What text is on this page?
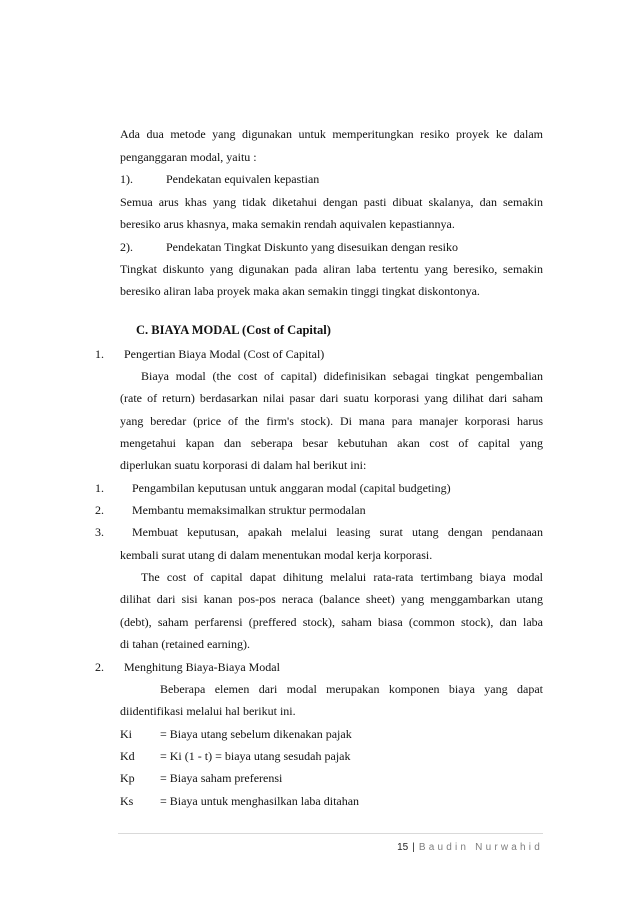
Ada dua metode yang digunakan untuk memperitungkan resiko proyek ke dalam
penganggaran modal, yaitu :
1).	Pendekatan equivalen kepastian
Semua arus khas yang tidak diketahui dengan pasti dibuat skalanya, dan semakin
beresiko arus khasnya, maka semakin rendah aquivalen kepastiannya.
2).	Pendekatan Tingkat Diskunto yang disesuikan dengan resiko
Tingkat diskunto yang digunakan pada aliran laba tertentu yang beresiko, semakin
beresiko aliran laba proyek maka akan semakin tinggi tingkat diskontonya.
C. BIAYA MODAL (Cost of Capital)
1. Pengertian Biaya Modal (Cost of Capital)
Biaya modal (the cost of capital) didefinisikan sebagai tingkat pengembalian
(rate of return) berdasarkan nilai pasar dari suatu korporasi yang dilihat dari saham
yang beredar (price of the firm's stock). Di mana para manajer korporasi harus
mengetahui kapan dan seberapa besar kebutuhan akan cost of capital yang
diperlukan suatu korporasi di dalam hal berikut ini:
1. Pengambilan keputusan untuk anggaran modal (capital budgeting)
2. Membantu memaksimalkan struktur permodalan
3. Membuat keputusan, apakah melalui leasing surat utang dengan pendanaan
kembali surat utang di dalam menentukan modal kerja korporasi.
The cost of capital dapat dihitung melalui rata-rata tertimbang biaya modal
dilihat dari sisi kanan pos-pos neraca (balance sheet) yang menggambarkan utang
(debt), saham perfarensi (preffered stock), saham biasa (common stock), dan laba
di tahan (retained earning).
2. Menghitung Biaya-Biaya Modal
Beberapa elemen dari modal merupakan komponen biaya yang dapat
diidentifikasi melalui hal berikut ini.
Ki = Biaya utang sebelum dikenakan pajak
Kd = Ki (1 - t) = biaya utang sesudah pajak
Kp = Biaya saham preferensi
Ks = Biaya untuk menghasilkan laba ditahan
15 | Baudin Nurwahid
